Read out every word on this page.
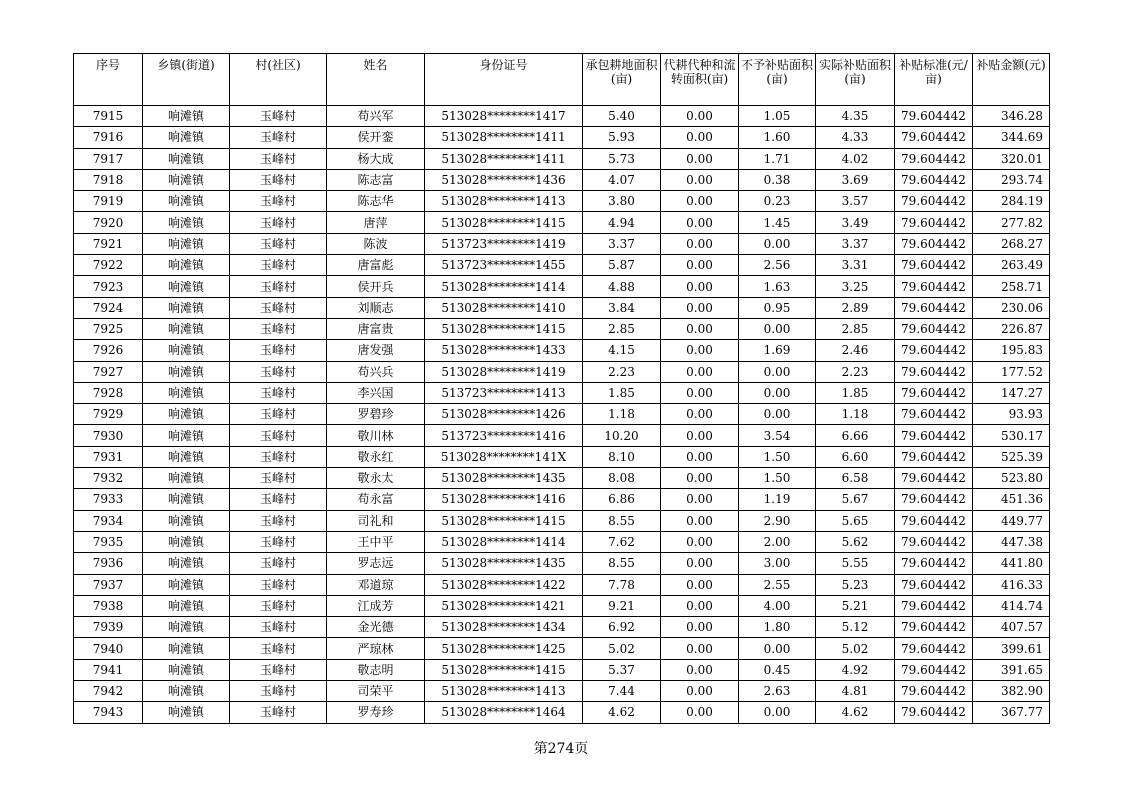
序号	乡镇(街道)	村(社区)	姓名	身份证号	承包耕地面积(亩)	代耕代种和流转面积(亩)	不予补贴面积(亩)	实际补贴面积(亩)	补贴标准(元/亩)	补贴金额(元)
7915	响滩镇	玉峰村	苟兴军	513028********1417	5.40	0.00	1.05	4.35	79.604442	346.28
7916	响滩镇	玉峰村	侯开銮	513028********1411	5.93	0.00	1.60	4.33	79.604442	344.69
7917	响滩镇	玉峰村	杨大成	513028********1411	5.73	0.00	1.71	4.02	79.604442	320.01
7918	响滩镇	玉峰村	陈志富	513028********1436	4.07	0.00	0.38	3.69	79.604442	293.74
7919	响滩镇	玉峰村	陈志华	513028********1413	3.80	0.00	0.23	3.57	79.604442	284.19
7920	响滩镇	玉峰村	唐萍	513028********1415	4.94	0.00	1.45	3.49	79.604442	277.82
7921	响滩镇	玉峰村	陈波	513723********1419	3.37	0.00	0.00	3.37	79.604442	268.27
7922	响滩镇	玉峰村	唐富彪	513723********1455	5.87	0.00	2.56	3.31	79.604442	263.49
7923	响滩镇	玉峰村	侯开兵	513028********1414	4.88	0.00	1.63	3.25	79.604442	258.71
7924	响滩镇	玉峰村	刘顺志	513028********1410	3.84	0.00	0.95	2.89	79.604442	230.06
7925	响滩镇	玉峰村	唐富贵	513028********1415	2.85	0.00	0.00	2.85	79.604442	226.87
7926	响滩镇	玉峰村	唐发强	513028********1433	4.15	0.00	1.69	2.46	79.604442	195.83
7927	响滩镇	玉峰村	苟兴兵	513028********1419	2.23	0.00	0.00	2.23	79.604442	177.52
7928	响滩镇	玉峰村	李兴国	513723********1413	1.85	0.00	0.00	1.85	79.604442	147.27
7929	响滩镇	玉峰村	罗碧珍	513028********1426	1.18	0.00	0.00	1.18	79.604442	93.93
7930	响滩镇	玉峰村	敬川林	513723********1416	10.20	0.00	3.54	6.66	79.604442	530.17
7931	响滩镇	玉峰村	敬永红	513028********141X	8.10	0.00	1.50	6.60	79.604442	525.39
7932	响滩镇	玉峰村	敬永太	513028********1435	8.08	0.00	1.50	6.58	79.604442	523.80
7933	响滩镇	玉峰村	苟永富	513028********1416	6.86	0.00	1.19	5.67	79.604442	451.36
7934	响滩镇	玉峰村	司礼和	513028********1415	8.55	0.00	2.90	5.65	79.604442	449.77
7935	响滩镇	玉峰村	王中平	513028********1414	7.62	0.00	2.00	5.62	79.604442	447.38
7936	响滩镇	玉峰村	罗志远	513028********1435	8.55	0.00	3.00	5.55	79.604442	441.80
7937	响滩镇	玉峰村	邓道琼	513028********1422	7.78	0.00	2.55	5.23	79.604442	416.33
7938	响滩镇	玉峰村	江成芳	513028********1421	9.21	0.00	4.00	5.21	79.604442	414.74
7939	响滩镇	玉峰村	金光德	513028********1434	6.92	0.00	1.80	5.12	79.604442	407.57
7940	响滩镇	玉峰村	严琼林	513028********1425	5.02	0.00	0.00	5.02	79.604442	399.61
7941	响滩镇	玉峰村	敬志明	513028********1415	5.37	0.00	0.45	4.92	79.604442	391.65
7942	响滩镇	玉峰村	司荣平	513028********1413	7.44	0.00	2.63	4.81	79.604442	382.90
7943	响滩镇	玉峰村	罗寿珍	513028********1464	4.62	0.00	0.00	4.62	79.604442	367.77
第274页
